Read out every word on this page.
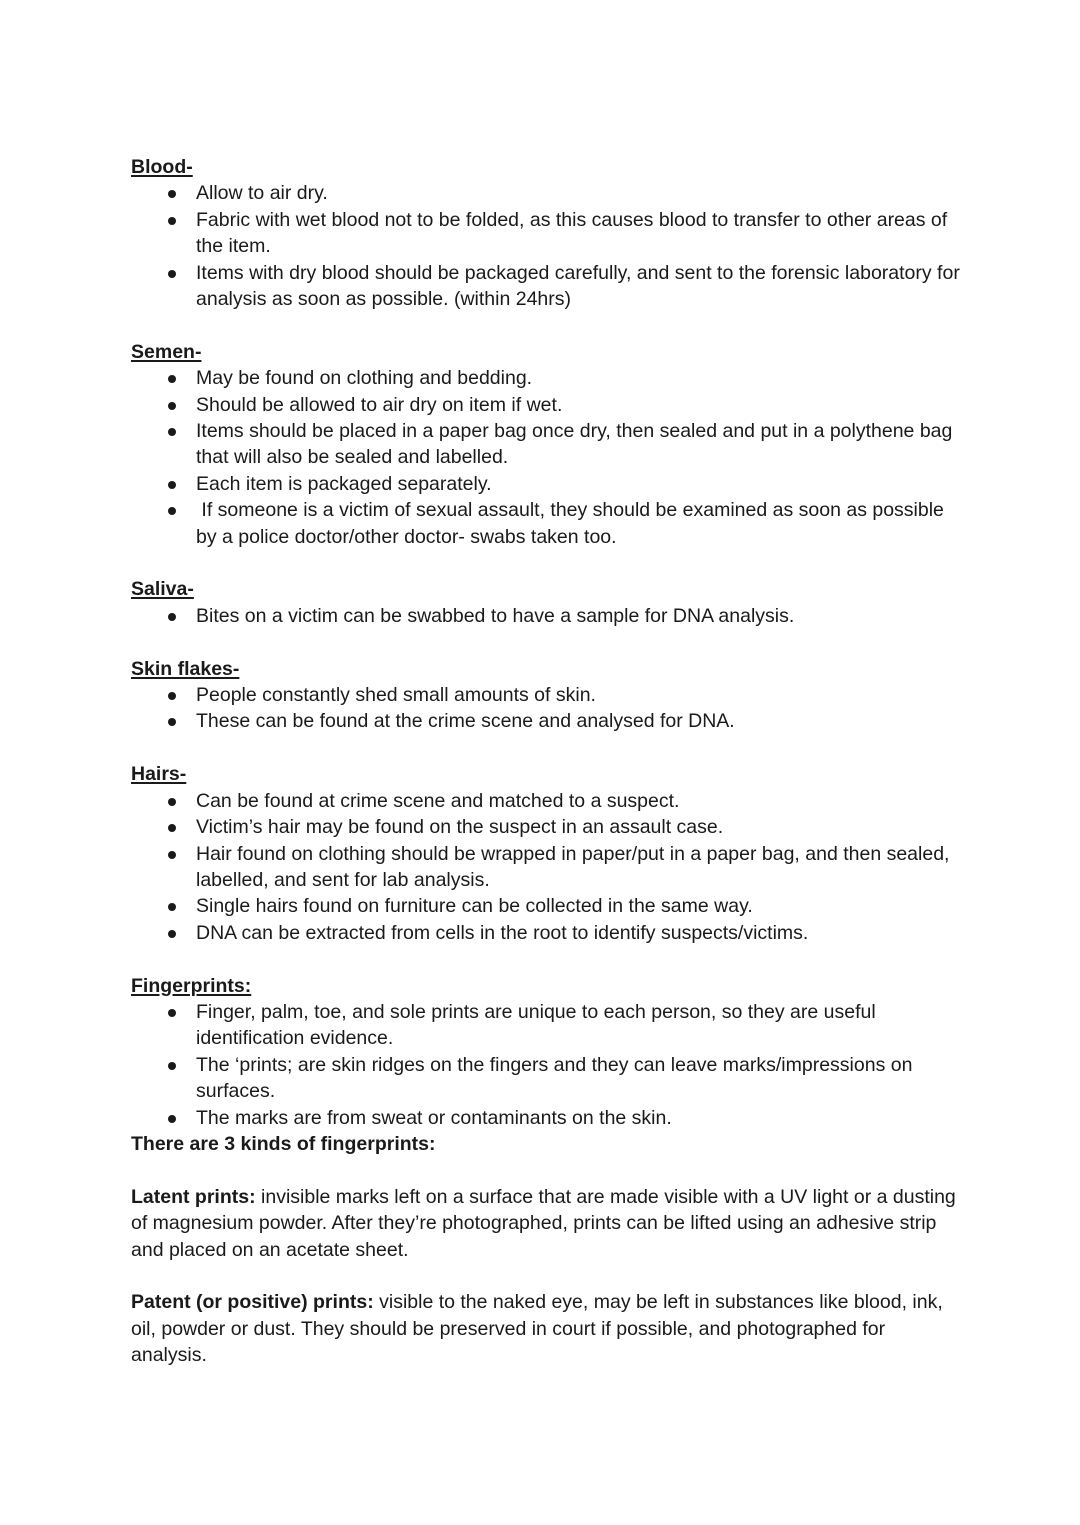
Blood-
Allow to air dry.
Fabric with wet blood not to be folded, as this causes blood to transfer to other areas of the item.
Items with dry blood should be packaged carefully, and sent to the forensic laboratory for analysis as soon as possible. (within 24hrs)
Semen-
May be found on clothing and bedding.
Should be allowed to air dry on item if wet.
Items should be placed in a paper bag once dry, then sealed and put in a polythene bag that will also be sealed and labelled.
Each item is packaged separately.
If someone is a victim of sexual assault, they should be examined as soon as possible by a police doctor/other doctor- swabs taken too.
Saliva-
Bites on a victim can be swabbed to have a sample for DNA analysis.
Skin flakes-
People constantly shed small amounts of skin.
These can be found at the crime scene and analysed for DNA.
Hairs-
Can be found at crime scene and matched to a suspect.
Victim’s hair may be found on the suspect in an assault case.
Hair found on clothing should be wrapped in paper/put in a paper bag, and then sealed, labelled, and sent for lab analysis.
Single hairs found on furniture can be collected in the same way.
DNA can be extracted from cells in the root to identify suspects/victims.
Fingerprints:
Finger, palm, toe, and sole prints are unique to each person, so they are useful identification evidence.
The ‘prints; are skin ridges on the fingers and they can leave marks/impressions on surfaces.
The marks are from sweat or contaminants on the skin.
There are 3 kinds of fingerprints:

Latent prints: invisible marks left on a surface that are made visible with a UV light or a dusting of magnesium powder. After they’re photographed, prints can be lifted using an adhesive strip and placed on an acetate sheet.

Patent (or positive) prints: visible to the naked eye, may be left in substances like blood, ink, oil, powder or dust. They should be preserved in court if possible, and photographed for analysis.
